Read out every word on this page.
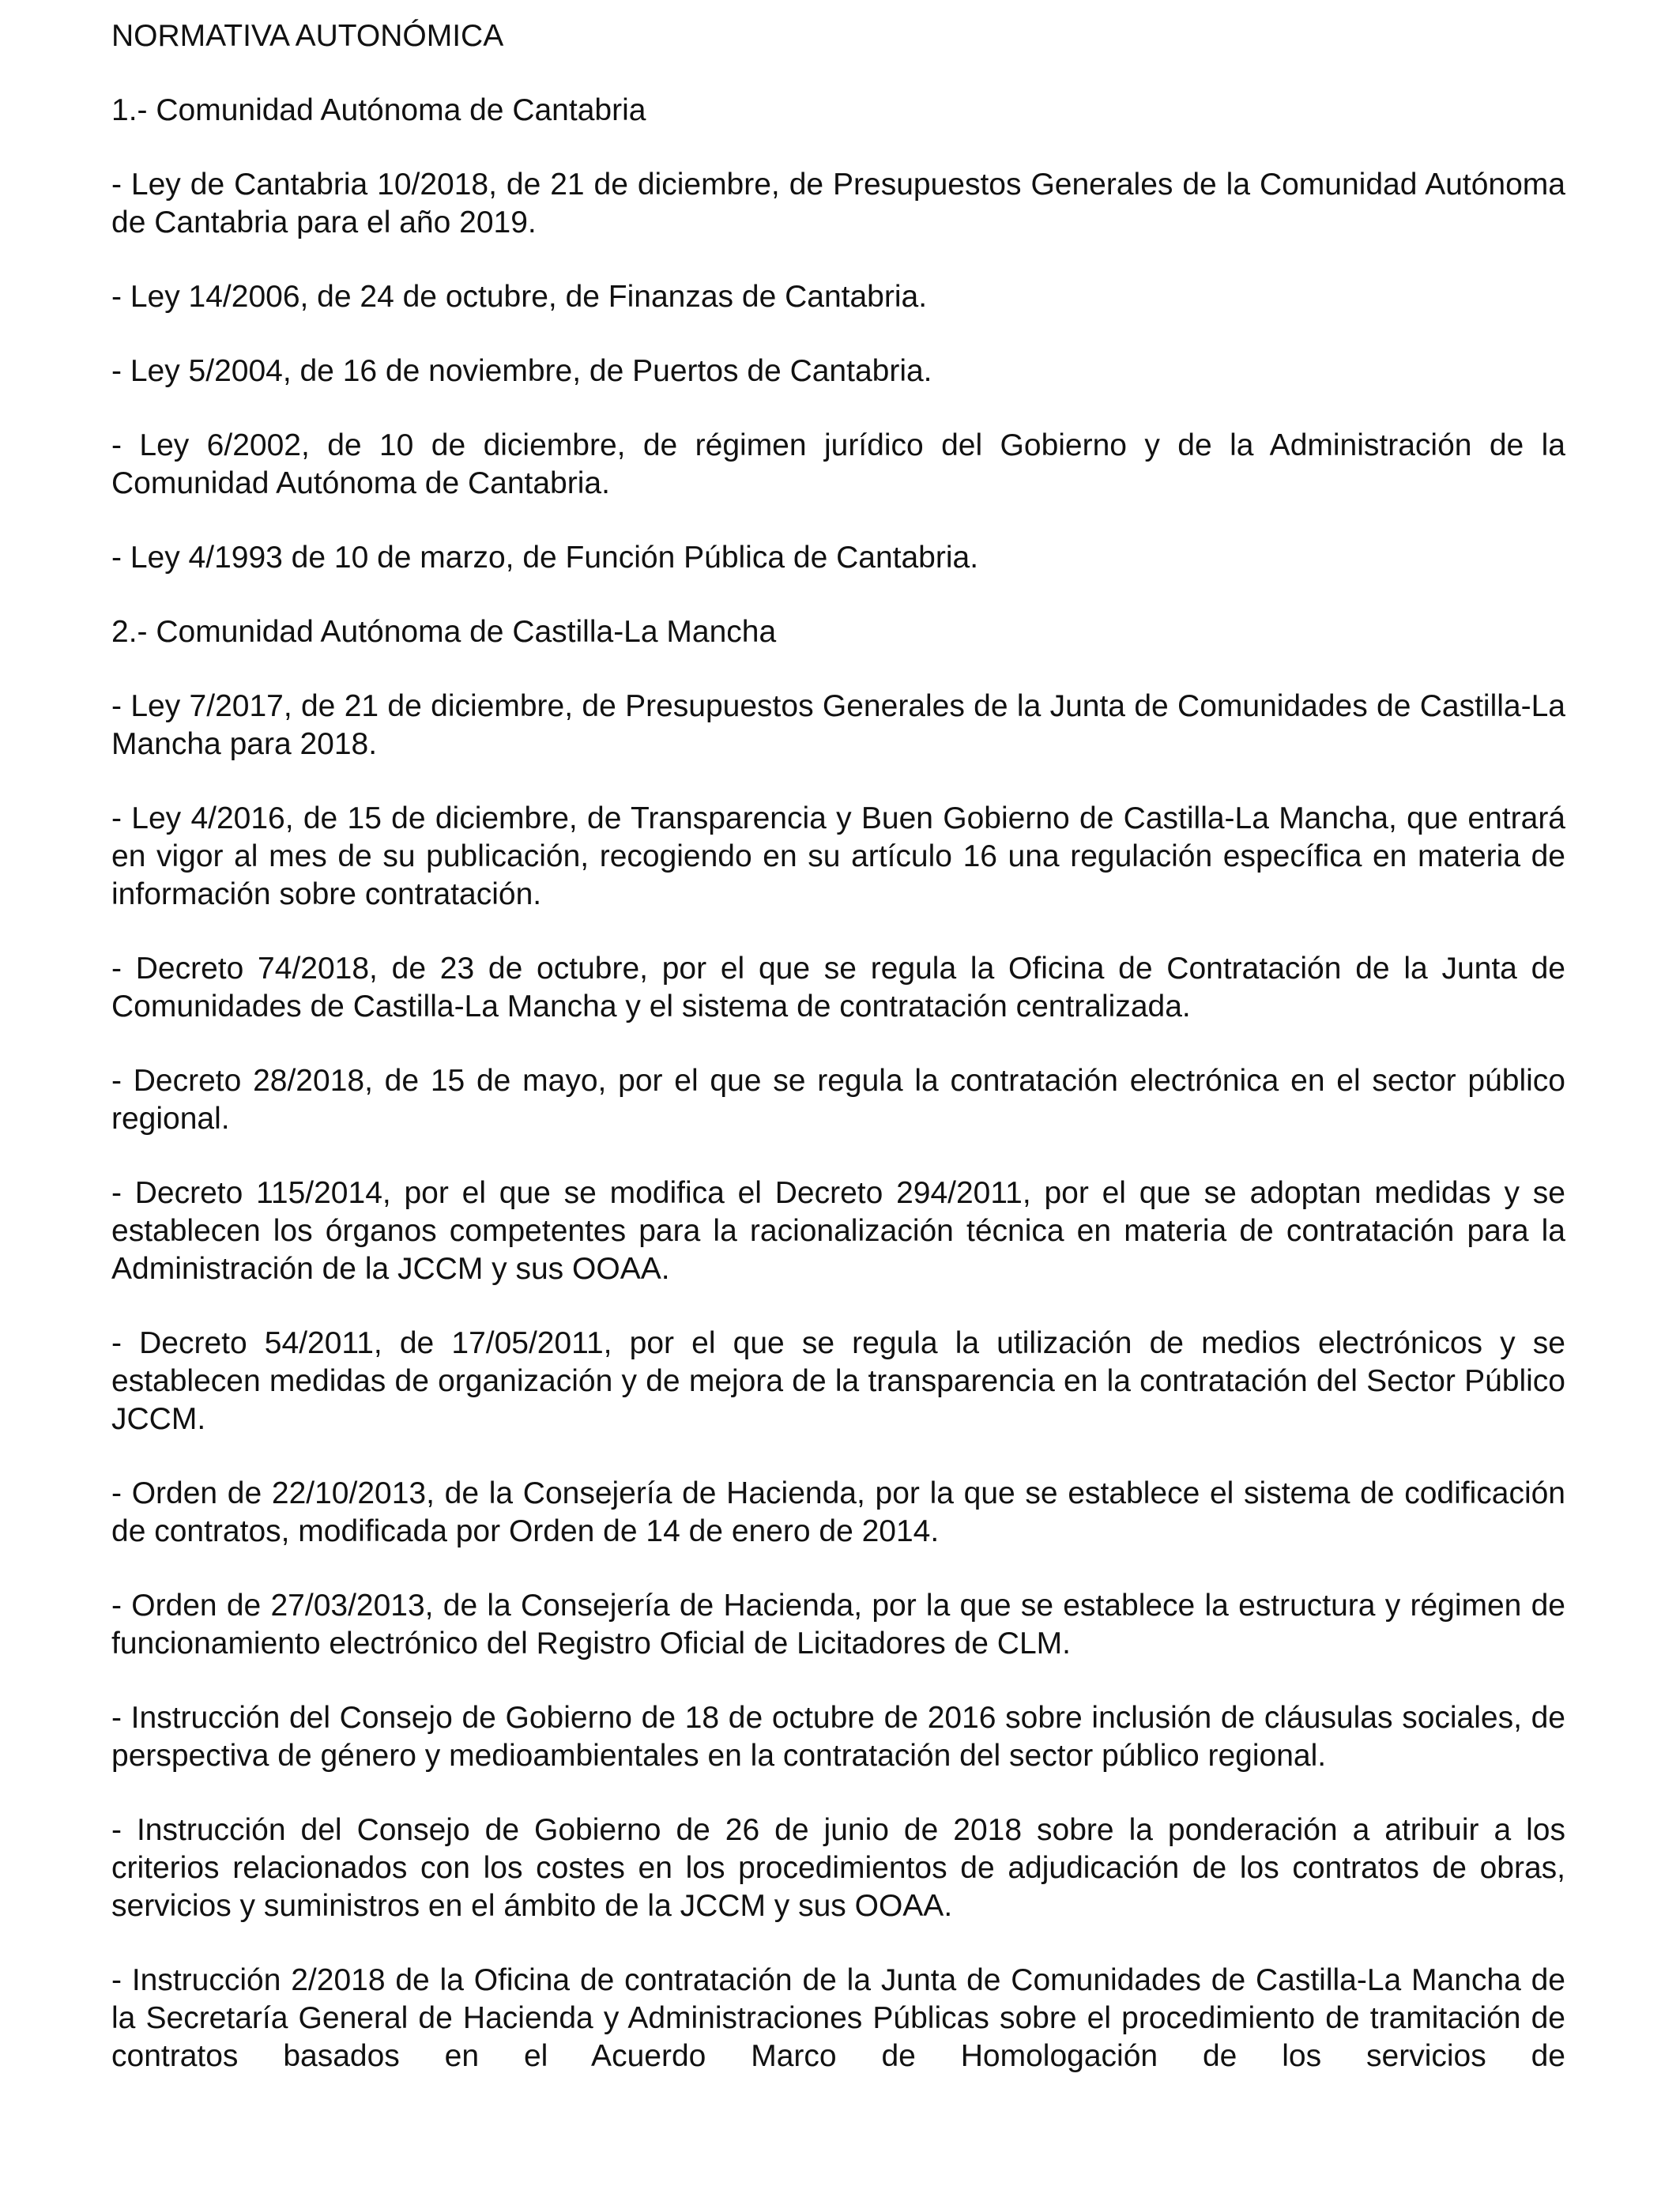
NORMATIVA AUTONÓMICA
1.- Comunidad Autónoma de Cantabria

- Ley de Cantabria 10/2018, de 21 de diciembre, de Presupuestos Generales de la Comunidad Autónoma de Cantabria para el año 2019.

- Ley 14/2006, de 24 de octubre, de Finanzas de Cantabria.

- Ley 5/2004, de 16 de noviembre, de Puertos de Cantabria.

- Ley 6/2002, de 10 de diciembre, de régimen jurídico del Gobierno y de la Administración de la Comunidad Autónoma de Cantabria.

- Ley 4/1993 de 10 de marzo, de Función Pública de Cantabria.

2.- Comunidad Autónoma de Castilla-La Mancha

- Ley 7/2017, de 21 de diciembre, de Presupuestos Generales de la Junta de Comunidades de Castilla-La Mancha para 2018.

- Ley 4/2016, de 15 de diciembre, de Transparencia y Buen Gobierno de Castilla-La Mancha, que entrará en vigor al mes de su publicación, recogiendo en su artículo 16 una regulación específica en materia de información sobre contratación.

- Decreto 74/2018, de 23 de octubre, por el que se regula la Oficina de Contratación de la Junta de Comunidades de Castilla-La Mancha y el sistema de contratación centralizada.

- Decreto 28/2018, de 15 de mayo, por el que se regula la contratación electrónica en el sector público regional.

- Decreto 115/2014, por el que se modifica el Decreto 294/2011, por el que se adoptan medidas y se establecen los órganos competentes para la racionalización técnica en materia de contratación para la Administración de la JCCM y sus OOAA.

- Decreto 54/2011, de 17/05/2011, por el que se regula la utilización de medios electrónicos y se establecen medidas de organización y de mejora de la transparencia en la contratación del Sector Público JCCM.

- Orden de 22/10/2013, de la Consejería de Hacienda, por la que se establece el sistema de codificación de contratos, modificada por Orden de 14 de enero de 2014.

- Orden de 27/03/2013, de la Consejería de Hacienda, por la que se establece la estructura y régimen de funcionamiento electrónico del Registro Oficial de Licitadores de CLM.

- Instrucción del Consejo de Gobierno de 18 de octubre de 2016 sobre inclusión de cláusulas sociales, de perspectiva de género y medioambientales en la contratación del sector público regional.

- Instrucción del Consejo de Gobierno de 26 de junio de 2018 sobre la ponderación a atribuir a los criterios relacionados con los costes en los procedimientos de adjudicación de los contratos de obras, servicios y suministros en el ámbito de la JCCM y sus OOAA.

- Instrucción 2/2018 de la Oficina de contratación de la Junta de Comunidades de Castilla-La Mancha de la Secretaría General de Hacienda y Administraciones Públicas sobre el procedimiento de tramitación de contratos basados en el Acuerdo Marco de Homologación de los servicios de
